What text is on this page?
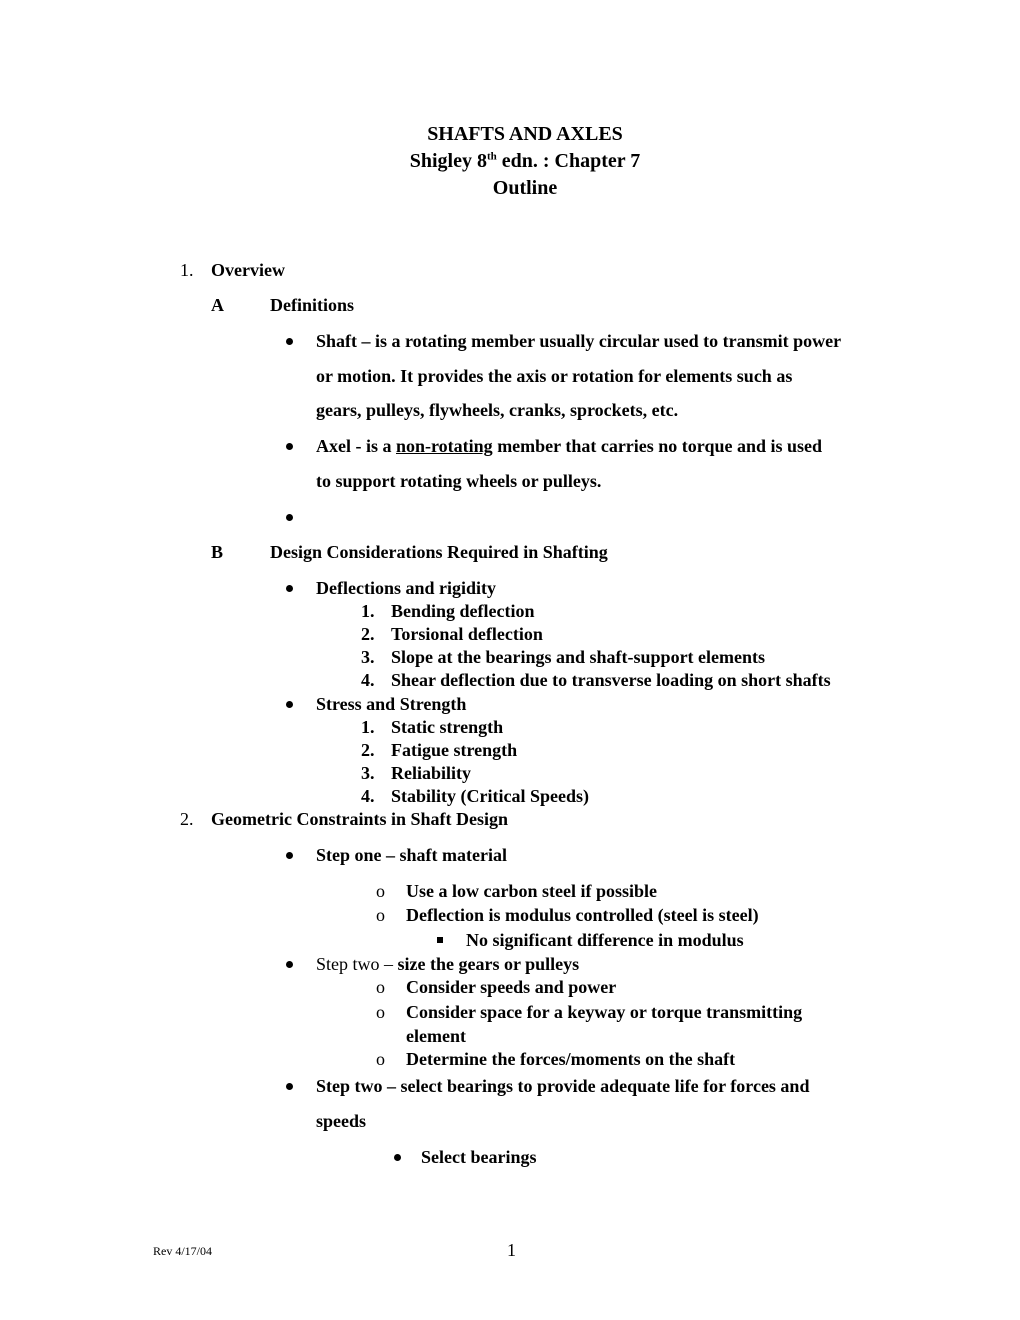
SHAFTS AND AXLES
Shigley 8th edn. : Chapter 7
Outline
1. Overview
A	Definitions
Shaft – is a rotating member usually circular used to transmit power
or motion. It provides the axis or rotation for elements such as
gears, pulleys, flywheels, cranks, sprockets, etc.
Axel - is a non-rotating member that carries no torque and is used
to support rotating wheels or pulleys.
B	Design Considerations Required in Shafting
Deflections and rigidity
1. Bending deflection
2. Torsional deflection
3. Slope at the bearings and shaft-support elements
4. Shear deflection due to transverse loading on short shafts
Stress and Strength
1. Static strength
2. Fatigue strength
3. Reliability
4. Stability (Critical Speeds)
2. Geometric Constraints in Shaft Design
Step one – shaft material
o Use a low carbon steel if possible
o Deflection is modulus controlled (steel is steel)
No significant difference in modulus
Step two – size the gears or pulleys
o Consider speeds and power
o Consider space for a keyway or torque transmitting
element
o Determine the forces/moments on the shaft
Step two – select bearings to provide adequate life for forces and
speeds
Select bearings
Rev 4/17/04	1
